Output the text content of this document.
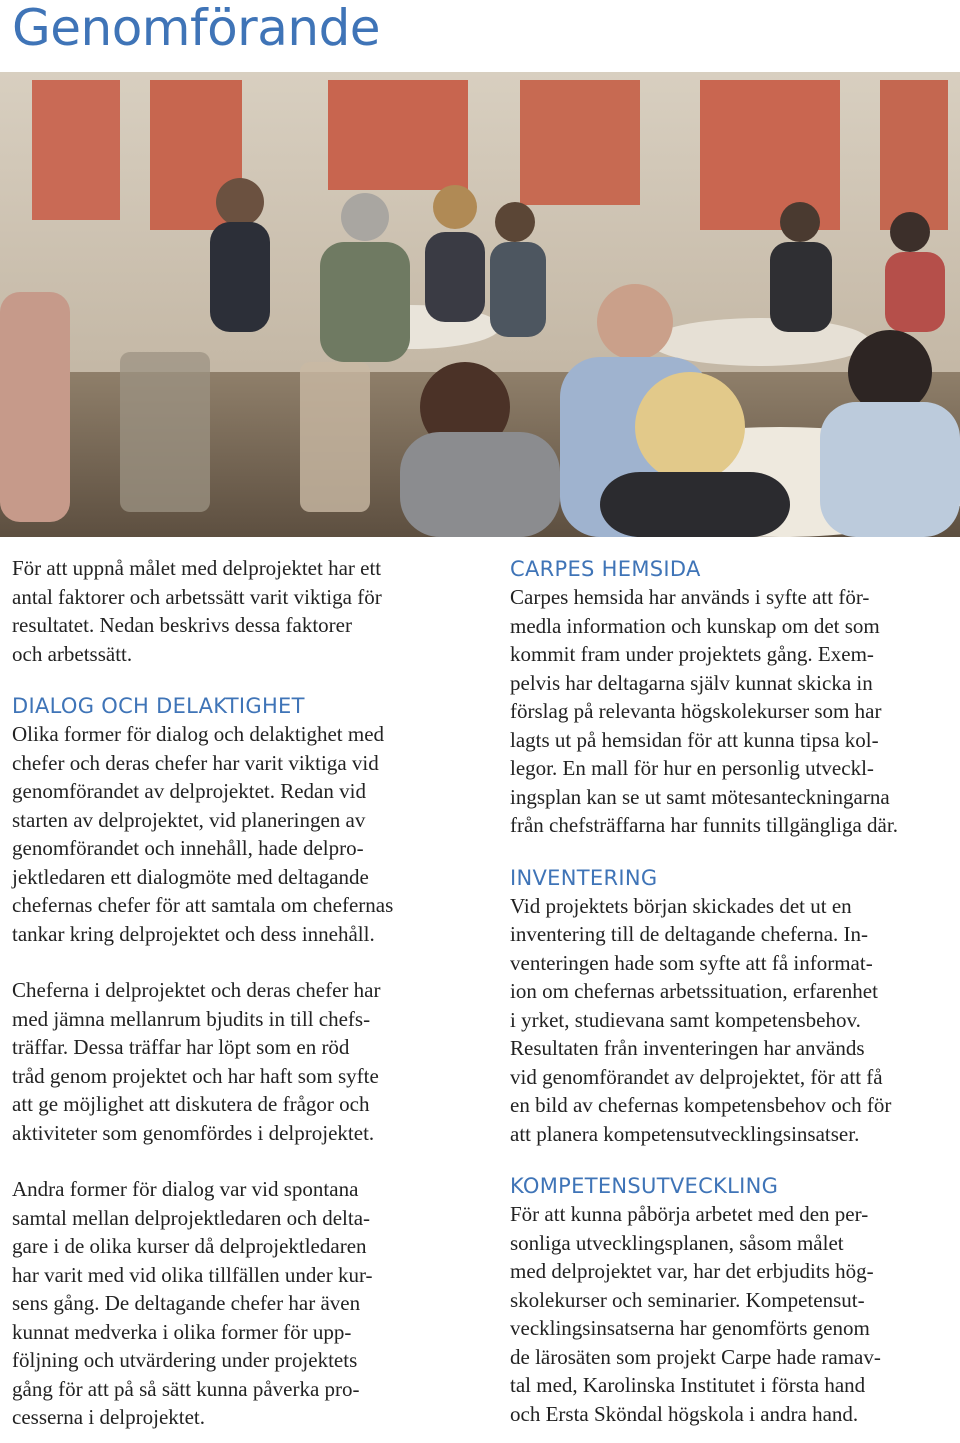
Genomförande

För att uppnå målet med delprojektet har ett
antal faktorer och arbetssätt varit viktiga för
resultatet. Nedan beskrivs dessa faktorer
och arbetssätt.

DIALOG OCH DELAKTIGHET

Olika former för dialog och delaktighet med
chefer och deras chefer har varit viktiga vid
genomförandet av delprojektet. Redan vid
starten av delprojektet, vid planeringen av
genomförandet och innehåll, hade delpro-
jektledaren ett dialogmöte med deltagande
chefernas chefer för att samtala om chefernas
tankar kring delprojektet och dess innehåll.

Cheferna i delprojektet och deras chefer har
med jämna mellanrum bjudits in till chefs-
träffar. Dessa träffar har löpt som en röd
tråd genom projektet och har haft som syfte
att ge möjlighet att diskutera de frågor och
aktiviteter som genomfördes i delprojektet.

Andra former för dialog var vid spontana
samtal mellan delprojektledaren och delta-
gare i de olika kurser då delprojektledaren
har varit med vid olika tillfällen under kur-
sens gång. De deltagande chefer har även
kunnat medverka i olika former för upp-
följning och utvärdering under projektets
gång för att på så sätt kunna påverka pro-
cesserna i delprojektet.

CARPES HEMSIDA

Carpes hemsida har används i syfte att för-
medla information och kunskap om det som
kommit fram under projektets gång. Exem-
pelvis har deltagarna själv kunnat skicka in
förslag på relevanta högskolekurser som har
lagts ut på hemsidan för att kunna tipsa kol-
legor. En mall för hur en personlig utveckl-
ingsplan kan se ut samt mötesanteckningarna
från chefsträffarna har funnits tillgängliga där.

INVENTERING

Vid projektets början skickades det ut en
inventering till de deltagande cheferna. In-
venteringen hade som syfte att få informat-
ion om chefernas arbetssituation, erfarenhet
i yrket, studievana samt kompetensbehov.
Resultaten från inventeringen har används
vid genomförandet av delprojektet, för att få
en bild av chefernas kompetensbehov och för
att planera kompetensutvecklingsinsatser.

KOMPETENSUTVECKLING

För att kunna påbörja arbetet med den per-
sonliga utvecklingsplanen, såsom målet
med delprojektet var, har det erbjudits hög-
skolekurser och seminarier. Kompetensut-
vecklingsinsatserna har genomförts genom
de lärosäten som projekt Carpe hade ramav-
tal med, Karolinska Institutet i första hand
och Ersta Sköndal högskola i andra hand.
